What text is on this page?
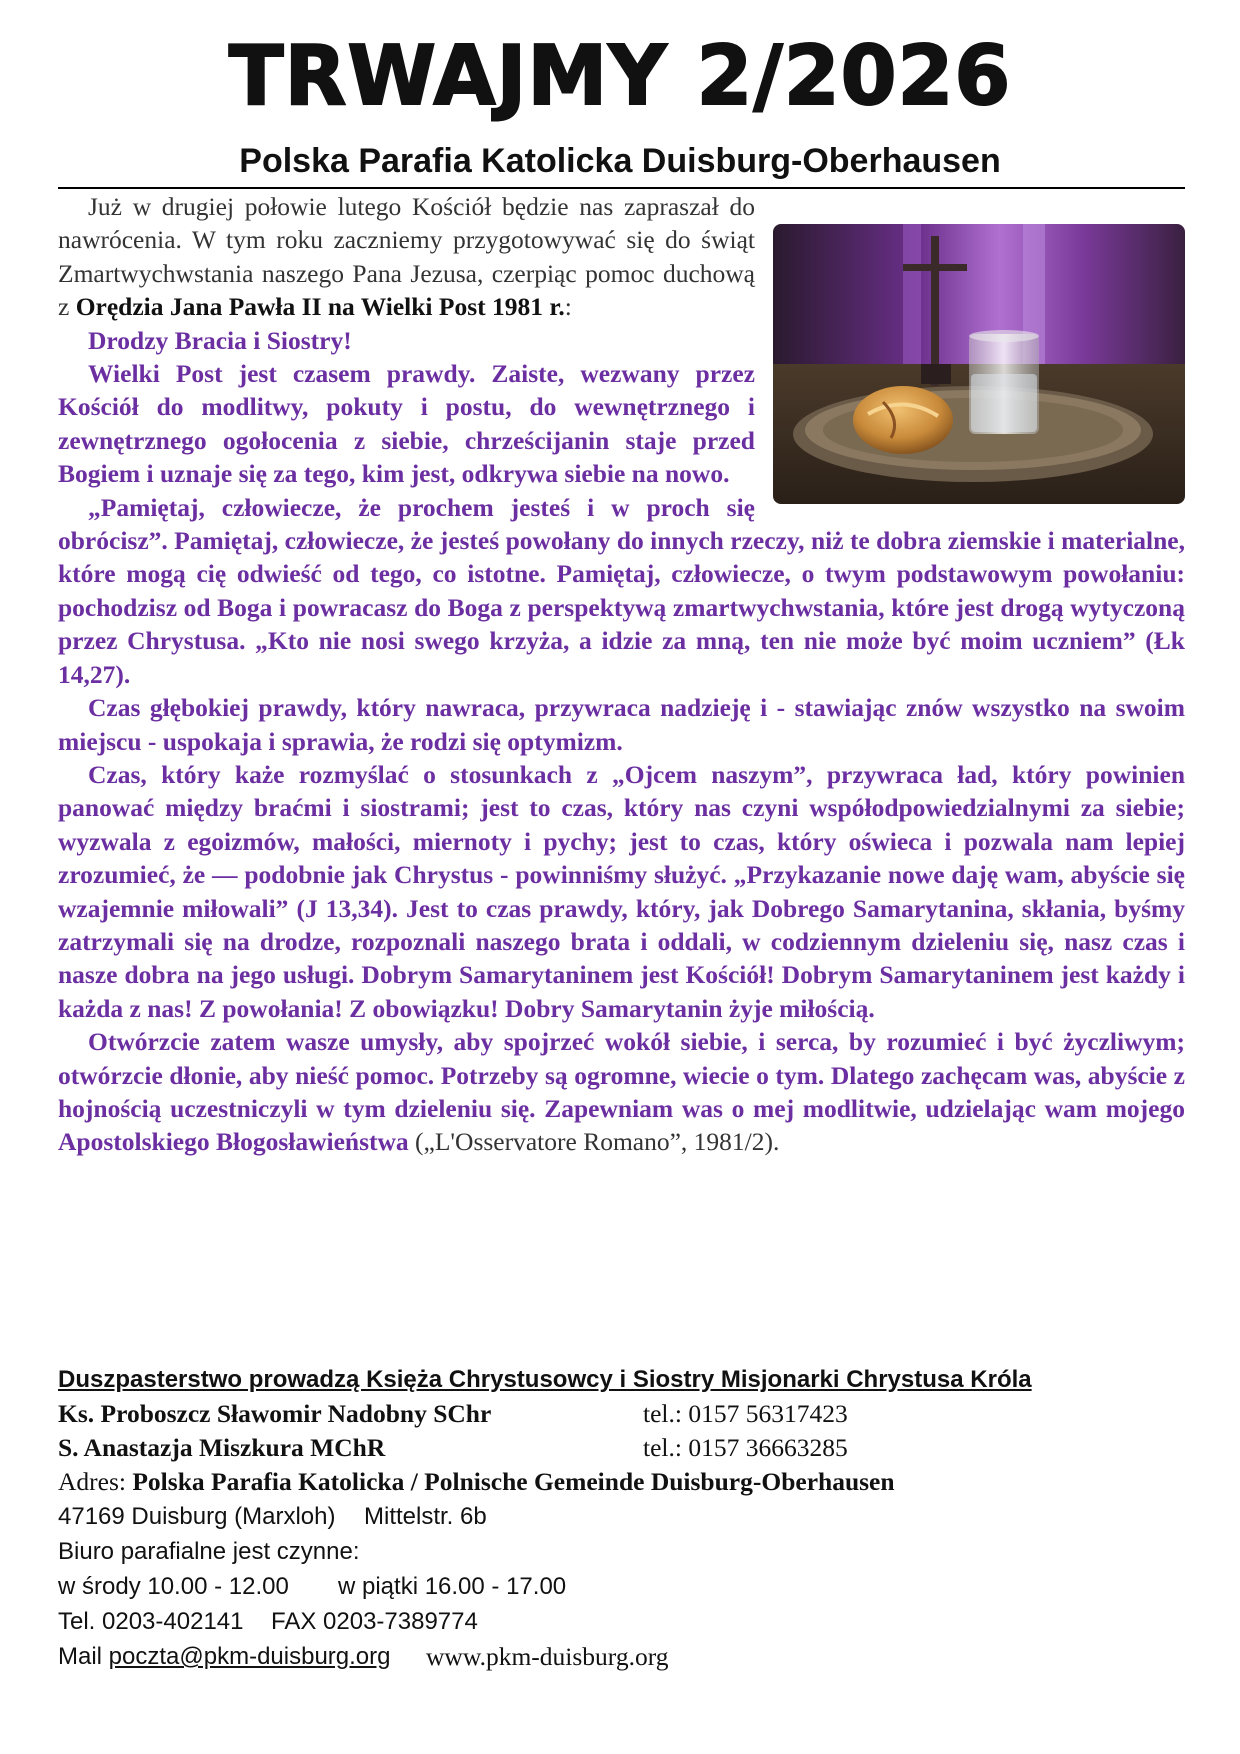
TRWAJMY 2/2026
Polska Parafia Katolicka Duisburg-Oberhausen

Już w drugiej połowie lutego Kościół będzie nas zapraszał do nawrócenia. W tym roku zaczniemy przygotowywać się do świąt Zmartwychwstania naszego Pana Jezusa, czerpiąc pomoc duchową z Orędzia Jana Pawła II na Wielki Post 1981 r.:

Drodzy Bracia i Siostry!

Wielki Post jest czasem prawdy. Zaiste, wezwany przez Kościół do modlitwy, pokuty i postu, do wewnętrznego i zewnętrznego ogołocenia z siebie, chrześcijanin staje przed Bogiem i uznaje się za tego, kim jest, odkrywa siebie na nowo.

„Pamiętaj, człowiecze, że prochem jesteś i w proch się obrócisz”. Pamiętaj, człowiecze, że jesteś powołany do innych rzeczy, niż te dobra ziemskie i materialne, które mogą cię odwieść od tego, co istotne. Pamiętaj, człowiecze, o twym podstawowym powołaniu: pochodzisz od Boga i powracasz do Boga z perspektywą zmartwychwstania, które jest drogą wytyczoną przez Chrystusa. „Kto nie nosi swego krzyża, a idzie za mną, ten nie może być moim uczniem” (Łk 14,27).

Czas głębokiej prawdy, który nawraca, przywraca nadzieję i - stawiając znów wszystko na swoim miejscu - uspokaja i sprawia, że rodzi się optymizm.

Czas, który każe rozmyślać o stosunkach z „Ojcem naszym”, przywraca ład, który powinien panować między braćmi i siostrami; jest to czas, który nas czyni współodpowiedzialnymi za siebie; wyzwala z egoizmów, małości, miernoty i pychy; jest to czas, który oświeca i pozwala nam lepiej zrozumieć, że — podobnie jak Chrystus - powinniśmy służyć. „Przykazanie nowe daję wam, abyście się wzajemnie miłowali” (J 13,34). Jest to czas prawdy, który, jak Dobrego Samarytanina, skłania, byśmy zatrzymali się na drodze, rozpoznali naszego brata i oddali, w codziennym dzieleniu się, nasz czas i nasze dobra na jego usługi. Dobrym Samarytaninem jest Kościół! Dobrym Samarytaninem jest każdy i każda z nas! Z powołania! Z obowiązku! Dobry Samarytanin żyje miłością.

Otwórzcie zatem wasze umysły, aby spojrzeć wokół siebie, i serca, by rozumieć i być życzliwym; otwórzcie dłonie, aby nieść pomoc. Potrzeby są ogromne, wiecie o tym. Dlatego zachęcam was, abyście z hojnością uczestniczyli w tym dzieleniu się. Zapewniam was o mej modlitwie, udzielając wam mojego Apostolskiego Błogosławieństwa („L'Osservatore Romano”, 1981/2).

Duszpasterstwo prowadzą Księża Chrystusowcy i Siostry Misjonarki Chrystusa Króla
Ks. Proboszcz Sławomir Nadobny SChr	tel.: 0157 56317423
S. Anastazja Miszkura MChR	tel.: 0157 36663285
Adres: Polska Parafia Katolicka / Polnische Gemeinde Duisburg-Oberhausen
47169 Duisburg (Marxloh) Mittelstr. 6b
Biuro parafialne jest czynne:
w środy 10.00 - 12.00 w piątki 16.00 - 17.00
Tel. 0203-402141 FAX 0203-7389774
Mail poczta@pkm-duisburg.org www.pkm-duisburg.org
